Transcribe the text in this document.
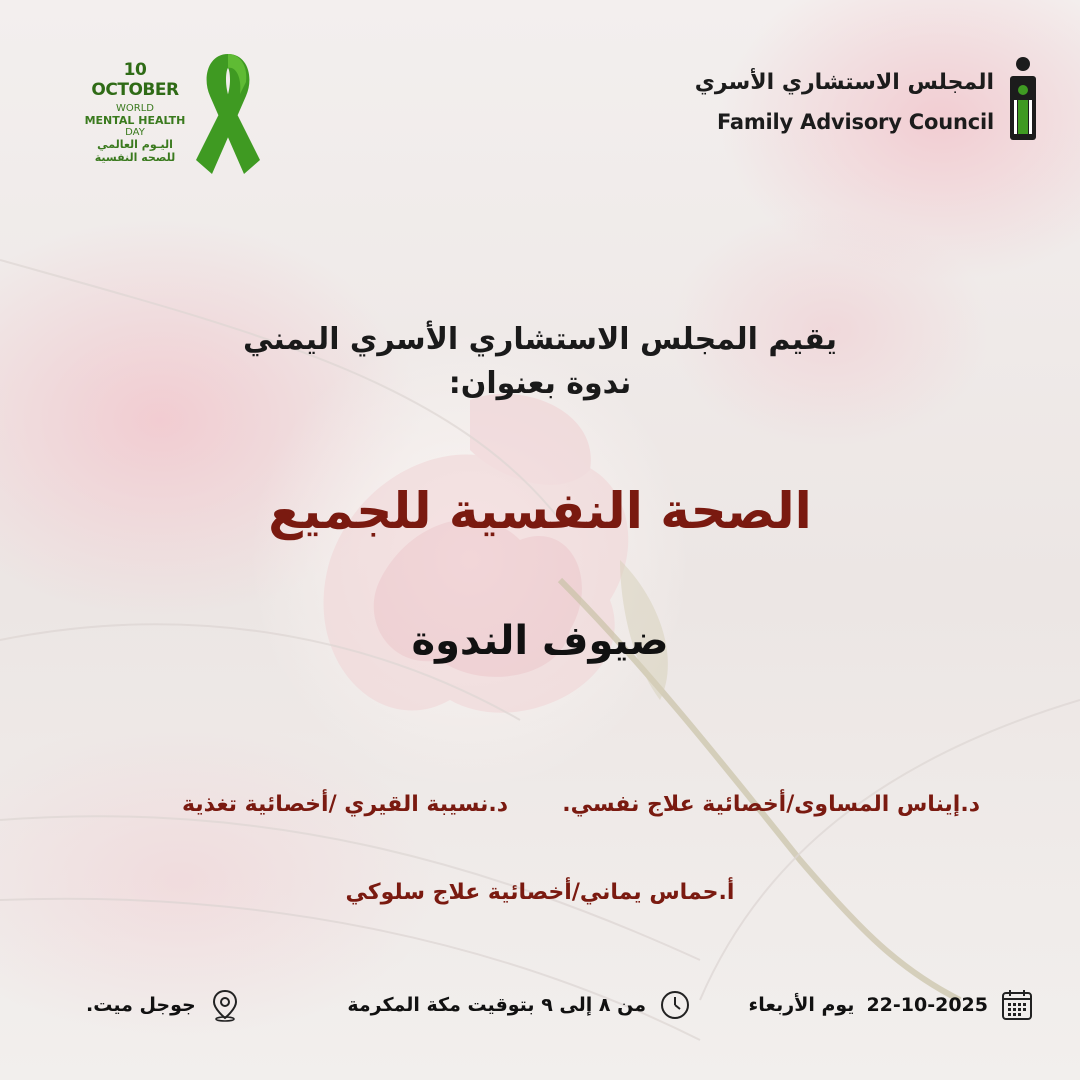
10 OCTOBER
WORLD
MENTAL HEALTH
DAY
اليـوم العالمي
للصحه النفسية
المجلس الاستشاري الأسري
Family Advisory Council
يقيم المجلس الاستشاري الأسري اليمني
ندوة بعنوان:
الصحة النفسية للجميع
ضيوف الندوة
د.إيناس المساوى/أخصائية علاج نفسي.
د.نسيبة القيري /أخصائية تغذية
أ.حماس يماني/أخصائية علاج سلوكي
22-10-2025
يوم الأربعاء
من ٨ إلى ٩ بتوقيت مكة المكرمة
جوجل ميت.
